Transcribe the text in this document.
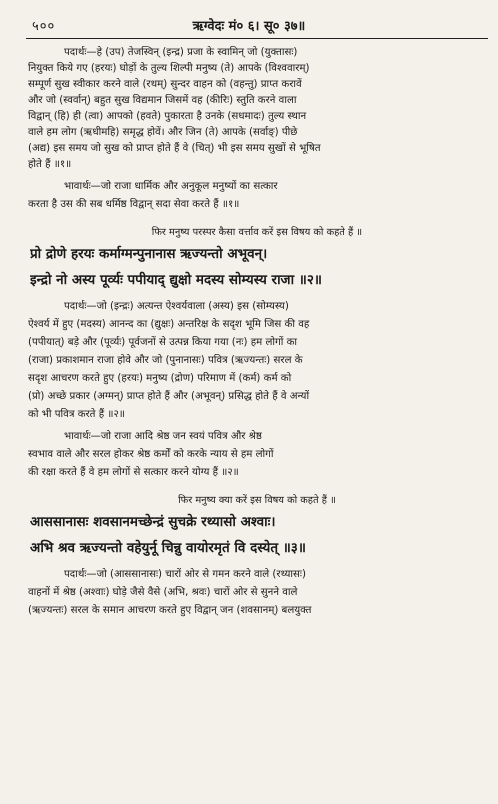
५००	ऋग्वेदः मं० ६। सू० ३७॥
पदार्थः—हे (उप) तेजस्विन् (इन्द्र) प्रजा के स्वामिन् जो (युक्तासः)
नियुक्त किये गए (हरयः) घोड़ों के तुल्य शिल्पी मनुष्य (ते) आपके (विश्ववारम्)
सम्पूर्ण सुख स्वीकार करने वाले (रथम्) सुन्दर वाहन को (वहन्तु) प्राप्त करावें
और जो (स्वर्वान्) बहुत सुख विद्यमान जिसमें वह (कीरिः) स्तुति करने वाला
विद्वान् (हि) ही (त्वा) आपको (हवते) पुकारता है उनके (सधमादः) तुल्य स्थान
वाले हम लोग (ऋधीमहि) समृद्ध होवें। और जिन (ते) आपके (सर्वाङ्) पीछे
(अद्य) इस समय जो सुख को प्राप्त होते हैं वे (चित्) भी इस समय सुखों से भूषित
होते हैं ॥१॥
भावार्थः—जो राजा धार्मिक और अनुकूल मनुष्यों का सत्कार
करता है उस की सब धर्मिष्ठ विद्वान् सदा सेवा करते हैं ॥१॥
फिर मनुष्य परस्पर कैसा वर्त्ताव करें इस विषय को कहते हैं ॥
प्रो द्रोणे हरयः कर्माग्मन्पुनानास ऋज्यन्तो अभूवन्।
इन्द्रो नो अस्य पूर्व्यः पपीयाद् द्युक्षो मदस्य सोम्यस्य राजा ॥२॥
पदार्थः—जो (इन्द्रः) अत्यन्त ऐश्वर्यवाला (अस्य) इस (सोम्यस्य)
ऐश्वर्य में हुए (मदस्य) आनन्द का (द्युक्षः) अन्तरिक्ष के सदृश भूमि जिस की वह
(पपीयात्) बड़े और (पूर्व्यः) पूर्वजनों से उत्पन्न किया गया (नः) हम लोगों का
(राजा) प्रकाशमान राजा होवे और जो (पुनानासः) पवित्र (ऋज्यन्तः) सरल के
सदृश आचरण करते हुए (हरयः) मनुष्य (द्रोण) परिमाण में (कर्म) कर्म को
(प्रो) अच्छे प्रकार (अग्मन्) प्राप्त होते हैं और (अभूवन्) प्रसिद्ध होते हैं वे अन्यों
को भी पवित्र करते हैं ॥२॥
भावार्थः—जो राजा आदि श्रेष्ठ जन स्वयं पवित्र और श्रेष्ठ
स्वभाव वाले और सरल होकर श्रेष्ठ कर्मों को करके न्याय से हम लोगों
की रक्षा करते हैं वे हम लोगों से सत्कार करने योग्य हैं ॥२॥
फिर मनुष्य क्या करें इस विषय को कहते हैं ॥
आससानासः शवसानमच्छेन्द्रं सुचक्रे रथ्यासो अश्वाः।
अभि श्रव ऋज्यन्तो वहेयुर्नू चिन्नु वायोरमृतं वि दस्येत् ॥३॥
पदार्थः—जो (आससानासः) चारों ओर से गमन करने वाले (रथ्यासः)
वाहनों में श्रेष्ठ (अश्वाः) घोड़े जैसे वैसे (अभि, श्रवः) चारों ओर से सुनने वाले
(ऋज्यन्तः) सरल के समान आचरण करते हुए विद्वान् जन (शवसानम्) बलयुक्त
